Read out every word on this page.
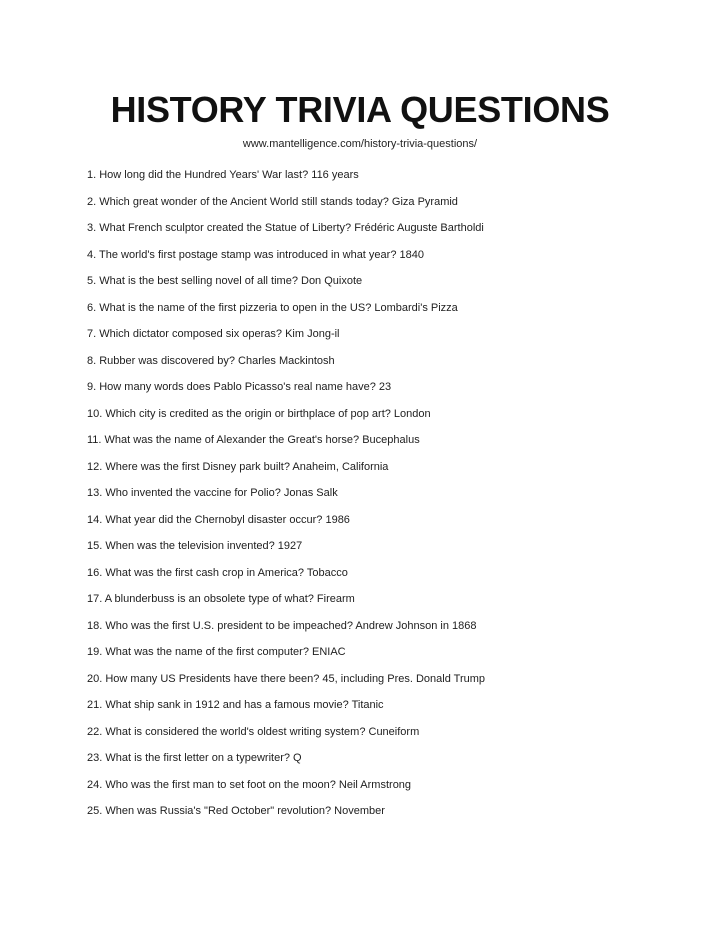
HISTORY TRIVIA QUESTIONS

www.mantelligence.com/history-trivia-questions/

1. How long did the Hundred Years' War last? 116 years
2. Which great wonder of the Ancient World still stands today? Giza Pyramid
3. What French sculptor created the Statue of Liberty? Frédéric Auguste Bartholdi
4. The world's first postage stamp was introduced in what year? 1840
5. What is the best selling novel of all time? Don Quixote
6. What is the name of the first pizzeria to open in the US? Lombardi's Pizza
7. Which dictator composed six operas? Kim Jong-il
8. Rubber was discovered by? Charles Mackintosh
9. How many words does Pablo Picasso's real name have? 23
10. Which city is credited as the origin or birthplace of pop art? London
11. What was the name of Alexander the Great's horse? Bucephalus
12. Where was the first Disney park built? Anaheim, California
13. Who invented the vaccine for Polio? Jonas Salk
14. What year did the Chernobyl disaster occur? 1986
15. When was the television invented? 1927
16. What was the first cash crop in America? Tobacco
17. A blunderbuss is an obsolete type of what? Firearm
18. Who was the first U.S. president to be impeached? Andrew Johnson in 1868
19. What was the name of the first computer? ENIAC
20. How many US Presidents have there been? 45, including Pres. Donald Trump
21. What ship sank in 1912 and has a famous movie? Titanic
22. What is considered the world's oldest writing system? Cuneiform
23. What is the first letter on a typewriter? Q
24. Who was the first man to set foot on the moon? Neil Armstrong
25. When was Russia's "Red October" revolution? November
